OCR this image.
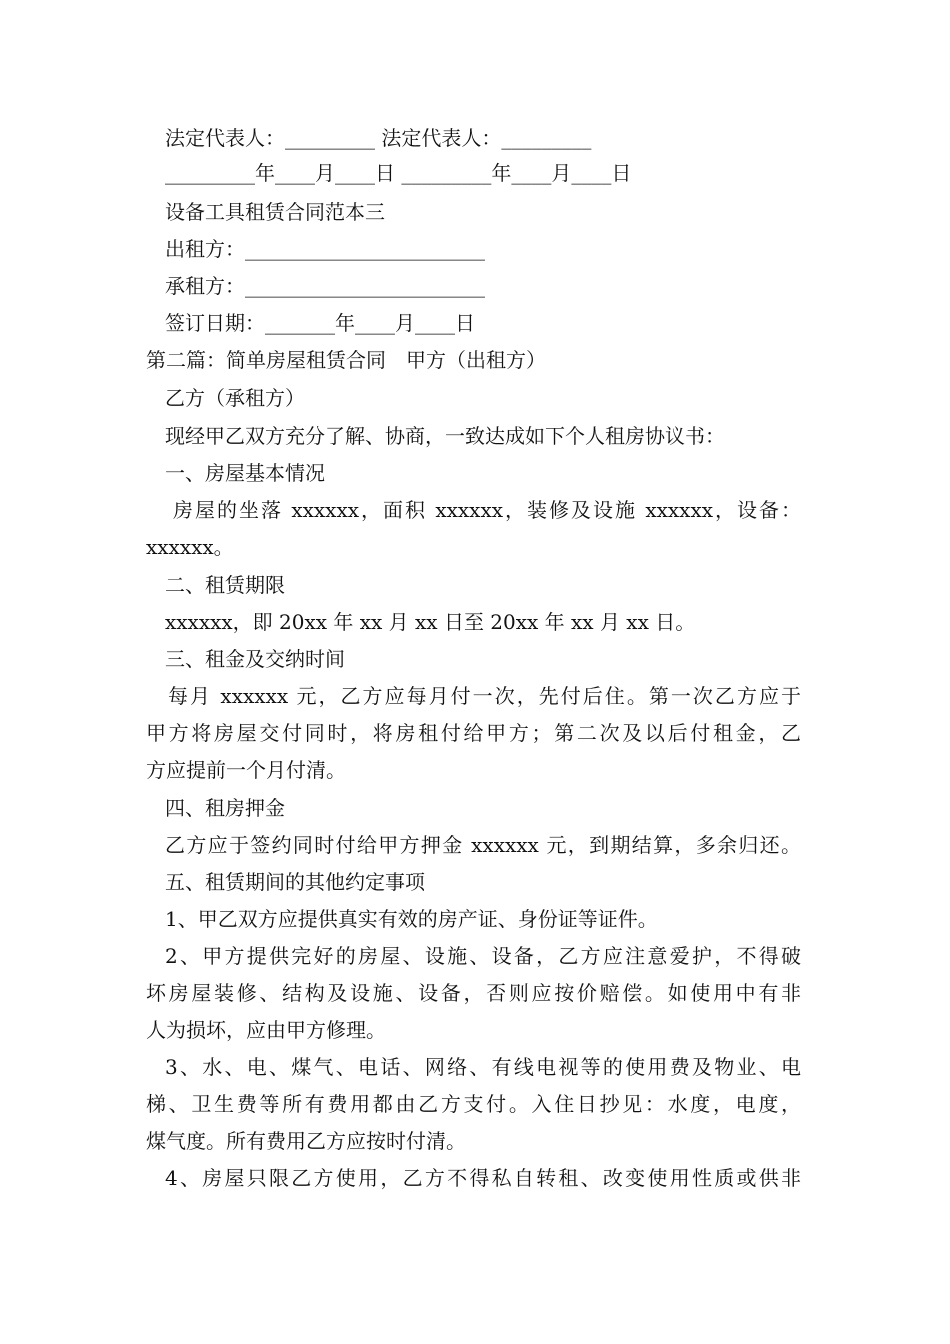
法定代表人：_________ 法定代表人：_________
_________年____月____日 _________年____月____日
设备工具租赁合同范本三
出租方：________________________
承租方：________________________
签订日期：_______年____月____日
第二篇：简单房屋租赁合同　甲方（出租方）
乙方（承租方）
现经甲乙双方充分了解、协商，一致达成如下个人租房协议书：
一、房屋基本情况
房屋的坐落 xxxxxx，面积 xxxxxx，装修及设施 xxxxxx，设备：
xxxxxx。
二、租赁期限
xxxxxx，即 20xx 年 xx 月 xx 日至 20xx 年 xx 月 xx 日。
三、租金及交纳时间
每月 xxxxxx 元，乙方应每月付一次，先付后住。第一次乙方应于
甲方将房屋交付同时，将房租付给甲方；第二次及以后付租金，乙
方应提前一个月付清。
四、租房押金
乙方应于签约同时付给甲方押金 xxxxxx 元，到期结算，多余归还。
五、租赁期间的其他约定事项
1、甲乙双方应提供真实有效的房产证、身份证等证件。
2、甲方提供完好的房屋、设施、设备，乙方应注意爱护，不得破
坏房屋装修、结构及设施、设备，否则应按价赔偿。如使用中有非
人为损坏，应由甲方修理。
3、水、电、煤气、电话、网络、有线电视等的使用费及物业、电
梯、卫生费等所有费用都由乙方支付。入住日抄见：水度，电度，
煤气度。所有费用乙方应按时付清。
4、房屋只限乙方使用，乙方不得私自转租、改变使用性质或供非
